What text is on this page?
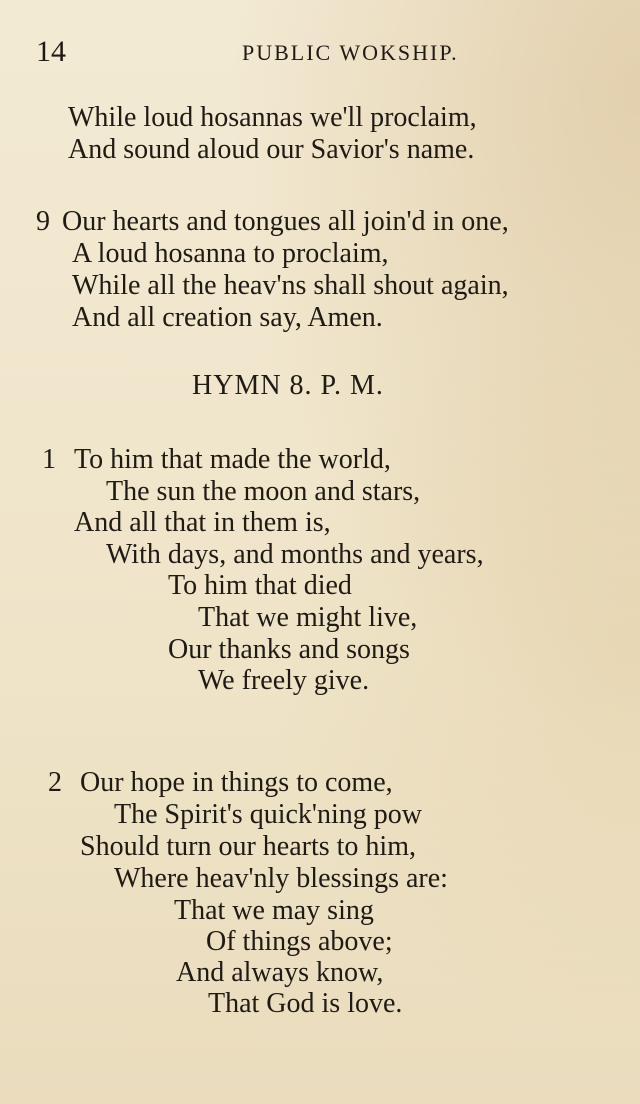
14	PUBLIC WOKSHIP.
While loud hosannas we'll proclaim,
And sound aloud our Savior's name.
9 Our hearts and tongues all join'd in one,
A loud hosanna to proclaim,
While all the heav'ns shall shout again,
And all creation say, Amen.
HYMN 8. P. M.
1 To him that made the world,
The sun the moon and stars,
And all that in them is,
With days, and months and years,
To him that died
That we might live,
Our thanks and songs
We freely give.
2 Our hope in things to come,
The Spirit's quick'ning pow
Should turn our hearts to him,
Where heav'nly blessings are:
That we may sing
Of things above;
And always know,
That God is love.
